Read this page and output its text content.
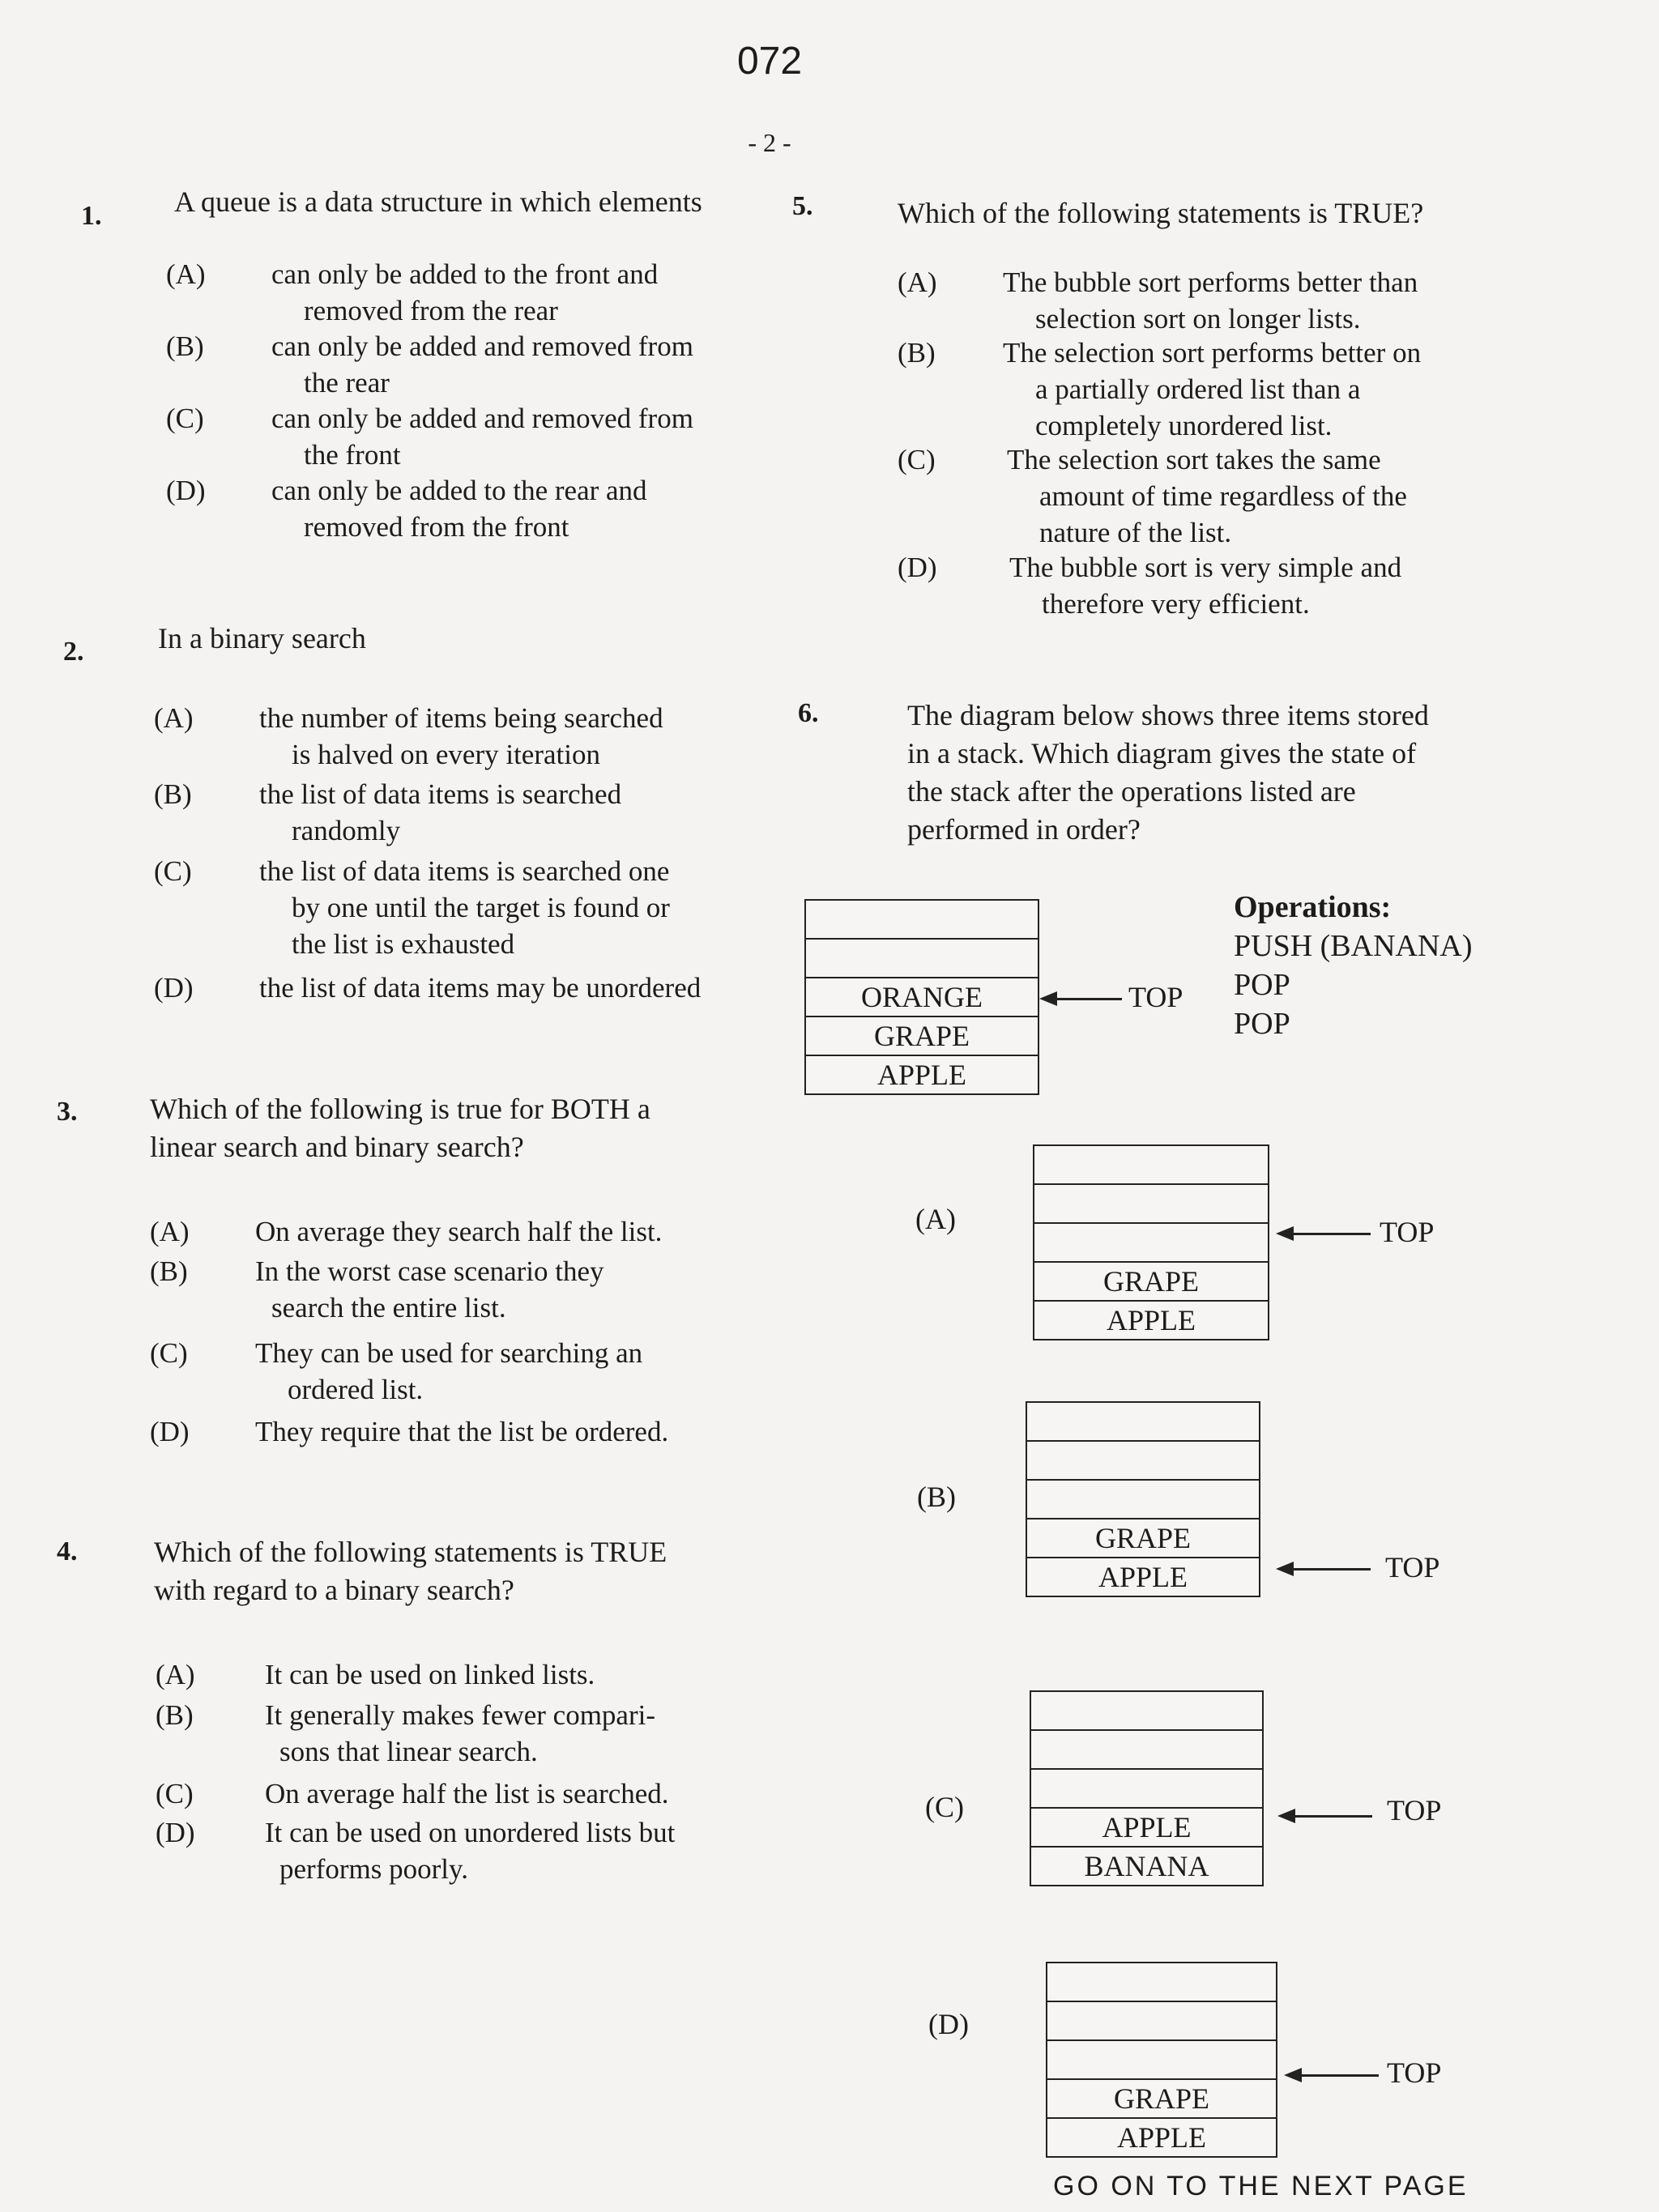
072
- 2 -
1. A queue is a data structure in which elements
(A)	can only be added to the front and
removed from the rear
(B)	can only be added and removed from
the rear
(C)	can only be added and removed from
the front
(D)	can only be added to the rear and
removed from the front
2.	In a binary search
(A)	the number of items being searched
is halved on every iteration
(B)	the list of data items is searched
randomly
(C)	the list of data items is searched one
by one until the target is found or
the list is exhausted
(D)	the list of data items may be unordered
3. Which of the following is true for BOTH a
linear search and binary search?
(A)	On average they search half the list.
(B)	In the worst case scenario they
search the entire list.
(C)	They can be used for searching an
ordered list.
(D)	They require that the list be ordered.
4.	Which of the following statements is TRUE
with regard to a binary search?
(A)	It can be used on linked lists.
(B)	It generally makes fewer compari-
sons that linear search.
(C)	On average half the list is searched.
(D)	It can be used on unordered lists but
performs poorly.
5.	Which of the following statements is TRUE?
(A)	The bubble sort performs better than
selection sort on longer lists.
(B)	The selection sort performs better on
a partially ordered list than a
completely unordered list.
(C)	The selection sort takes the same
amount of time regardless of the
nature of the list.
(D)	The bubble sort is very simple and
therefore very efficient.
6.	The diagram below shows three items stored
in a stack. Which diagram gives the state of
the stack after the operations listed are
performed in order?

ORANGE
GRAPE
APPLE
TOP
Operations:
PUSH (BANANA)
POP
POP
(A)

GRAPE
APPLE
TOP
(B)

GRAPE
APPLE	TOP
(C)

APPLE
BANANA
TOP
(D)

GRAPE
APPLE
TOP
GO ON TO THE NEXT PAGE
